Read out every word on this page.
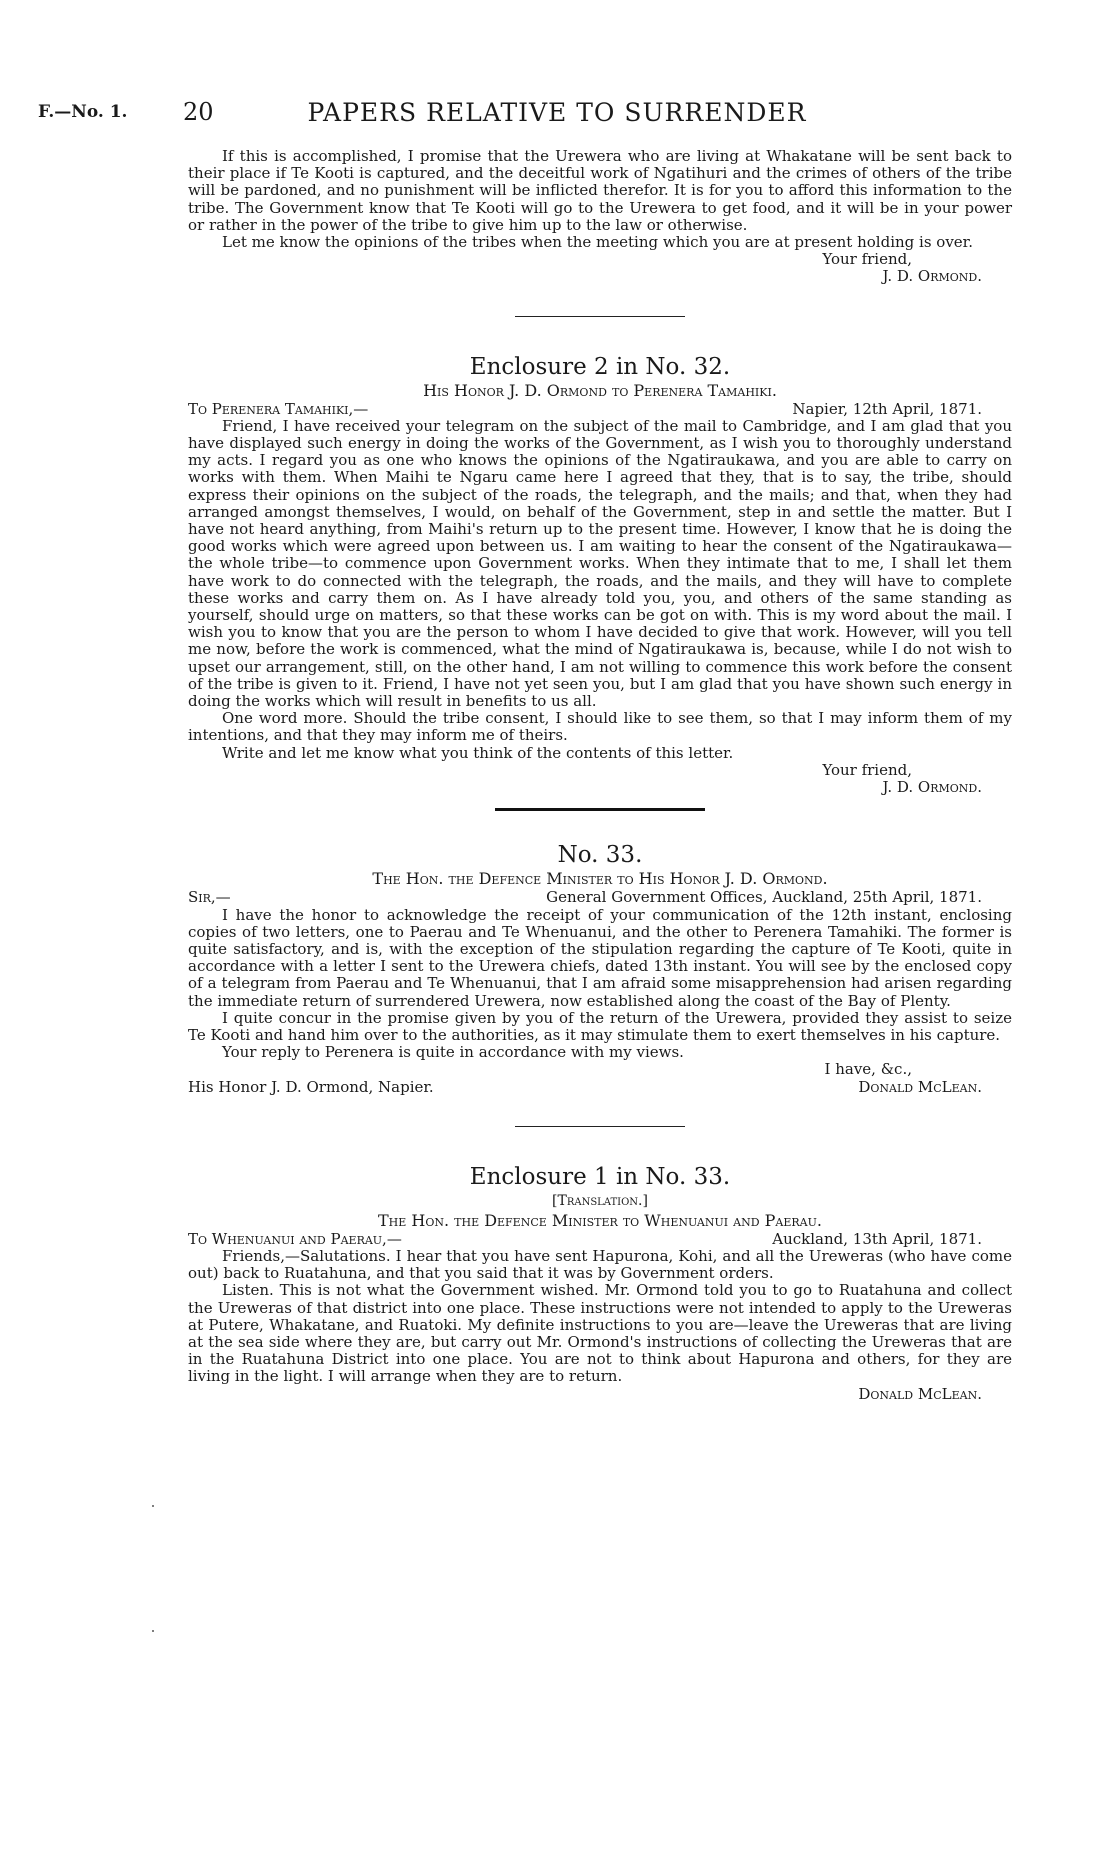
F.—No. 1. 20	PAPERS RELATIVE TO SURRENDER

If this is accomplished, I promise that the Urewera who are living at Whakatane will be sent back to their place if Te Kooti is captured, and the deceitful work of Ngatihuri and the crimes of others of the tribe will be pardoned, and no punishment will be inflicted therefor. It is for you to afford this information to the tribe. The Government know that Te Kooti will go to the Urewera to get food, and it will be in your power or rather in the power of the tribe to give him up to the law or otherwise.

Let me know the opinions of the tribes when the meeting which you are at present holding is over.

Your friend,

J. D. Ormond.

Enclosure 2 in No. 32.
His Honor J. D. Ormond to Perenera Tamahiki.
To Perenera Tamahiki,—	Napier, 12th April, 1871.

Friend, I have received your telegram on the subject of the mail to Cambridge, and I am glad that you have displayed such energy in doing the works of the Government, as I wish you to thoroughly understand my acts. I regard you as one who knows the opinions of the Ngatiraukawa, and you are able to carry on works with them. When Maihi te Ngaru came here I agreed that they, that is to say, the tribe, should express their opinions on the subject of the roads, the telegraph, and the mails; and that, when they had arranged amongst themselves, I would, on behalf of the Government, step in and settle the matter. But I have not heard anything, from Maihi's return up to the present time. However, I know that he is doing the good works which were agreed upon between us. I am waiting to hear the consent of the Ngatiraukawa—the whole tribe—to commence upon Government works. When they intimate that to me, I shall let them have work to do connected with the telegraph, the roads, and the mails, and they will have to complete these works and carry them on. As I have already told you, you, and others of the same standing as yourself, should urge on matters, so that these works can be got on with. This is my word about the mail. I wish you to know that you are the person to whom I have decided to give that work. However, will you tell me now, before the work is commenced, what the mind of Ngatiraukawa is, because, while I do not wish to upset our arrangement, still, on the other hand, I am not willing to commence this work before the consent of the tribe is given to it. Friend, I have not yet seen you, but I am glad that you have shown such energy in doing the works which will result in benefits to us all.

One word more. Should the tribe consent, I should like to see them, so that I may inform them of my intentions, and that they may inform me of theirs.

Write and let me know what you think of the contents of this letter.

Your friend,

J. D. Ormond.

No. 33.
The Hon. the Defence Minister to His Honor J. D. Ormond.
Sir,—	General Government Offices, Auckland, 25th April, 1871.

I have the honor to acknowledge the receipt of your communication of the 12th instant, enclosing copies of two letters, one to Paerau and Te Whenuanui, and the other to Perenera Tamahiki. The former is quite satisfactory, and is, with the exception of the stipulation regarding the capture of Te Kooti, quite in accordance with a letter I sent to the Urewera chiefs, dated 13th instant. You will see by the enclosed copy of a telegram from Paerau and Te Whenuanui, that I am afraid some misapprehension had arisen regarding the immediate return of surrendered Urewera, now established along the coast of the Bay of Plenty.

I quite concur in the promise given by you of the return of the Urewera, provided they assist to seize Te Kooti and hand him over to the authorities, as it may stimulate them to exert themselves in his capture.

Your reply to Perenera is quite in accordance with my views.

I have, &c.,

His Honor J. D. Ormond, Napier.	Donald McLean.
Enclosure 1 in No. 33.
[Translation.]
The Hon. the Defence Minister to Whenuanui and Paerau.
To Whenuanui and Paerau,—	Auckland, 13th April, 1871.

Friends,—Salutations. I hear that you have sent Hapurona, Kohi, and all the Ureweras (who have come out) back to Ruatahuna, and that you said that it was by Government orders.

Listen. This is not what the Government wished. Mr. Ormond told you to go to Ruatahuna and collect the Ureweras of that district into one place. These instructions were not intended to apply to the Ureweras at Putere, Whakatane, and Ruatoki. My definite instructions to you are—leave the Ureweras that are living at the sea side where they are, but carry out Mr. Ormond's instructions of collecting the Ureweras that are in the Ruatahuna District into one place. You are not to think about Hapurona and others, for they are living in the light. I will arrange when they are to return.

Donald McLean.
